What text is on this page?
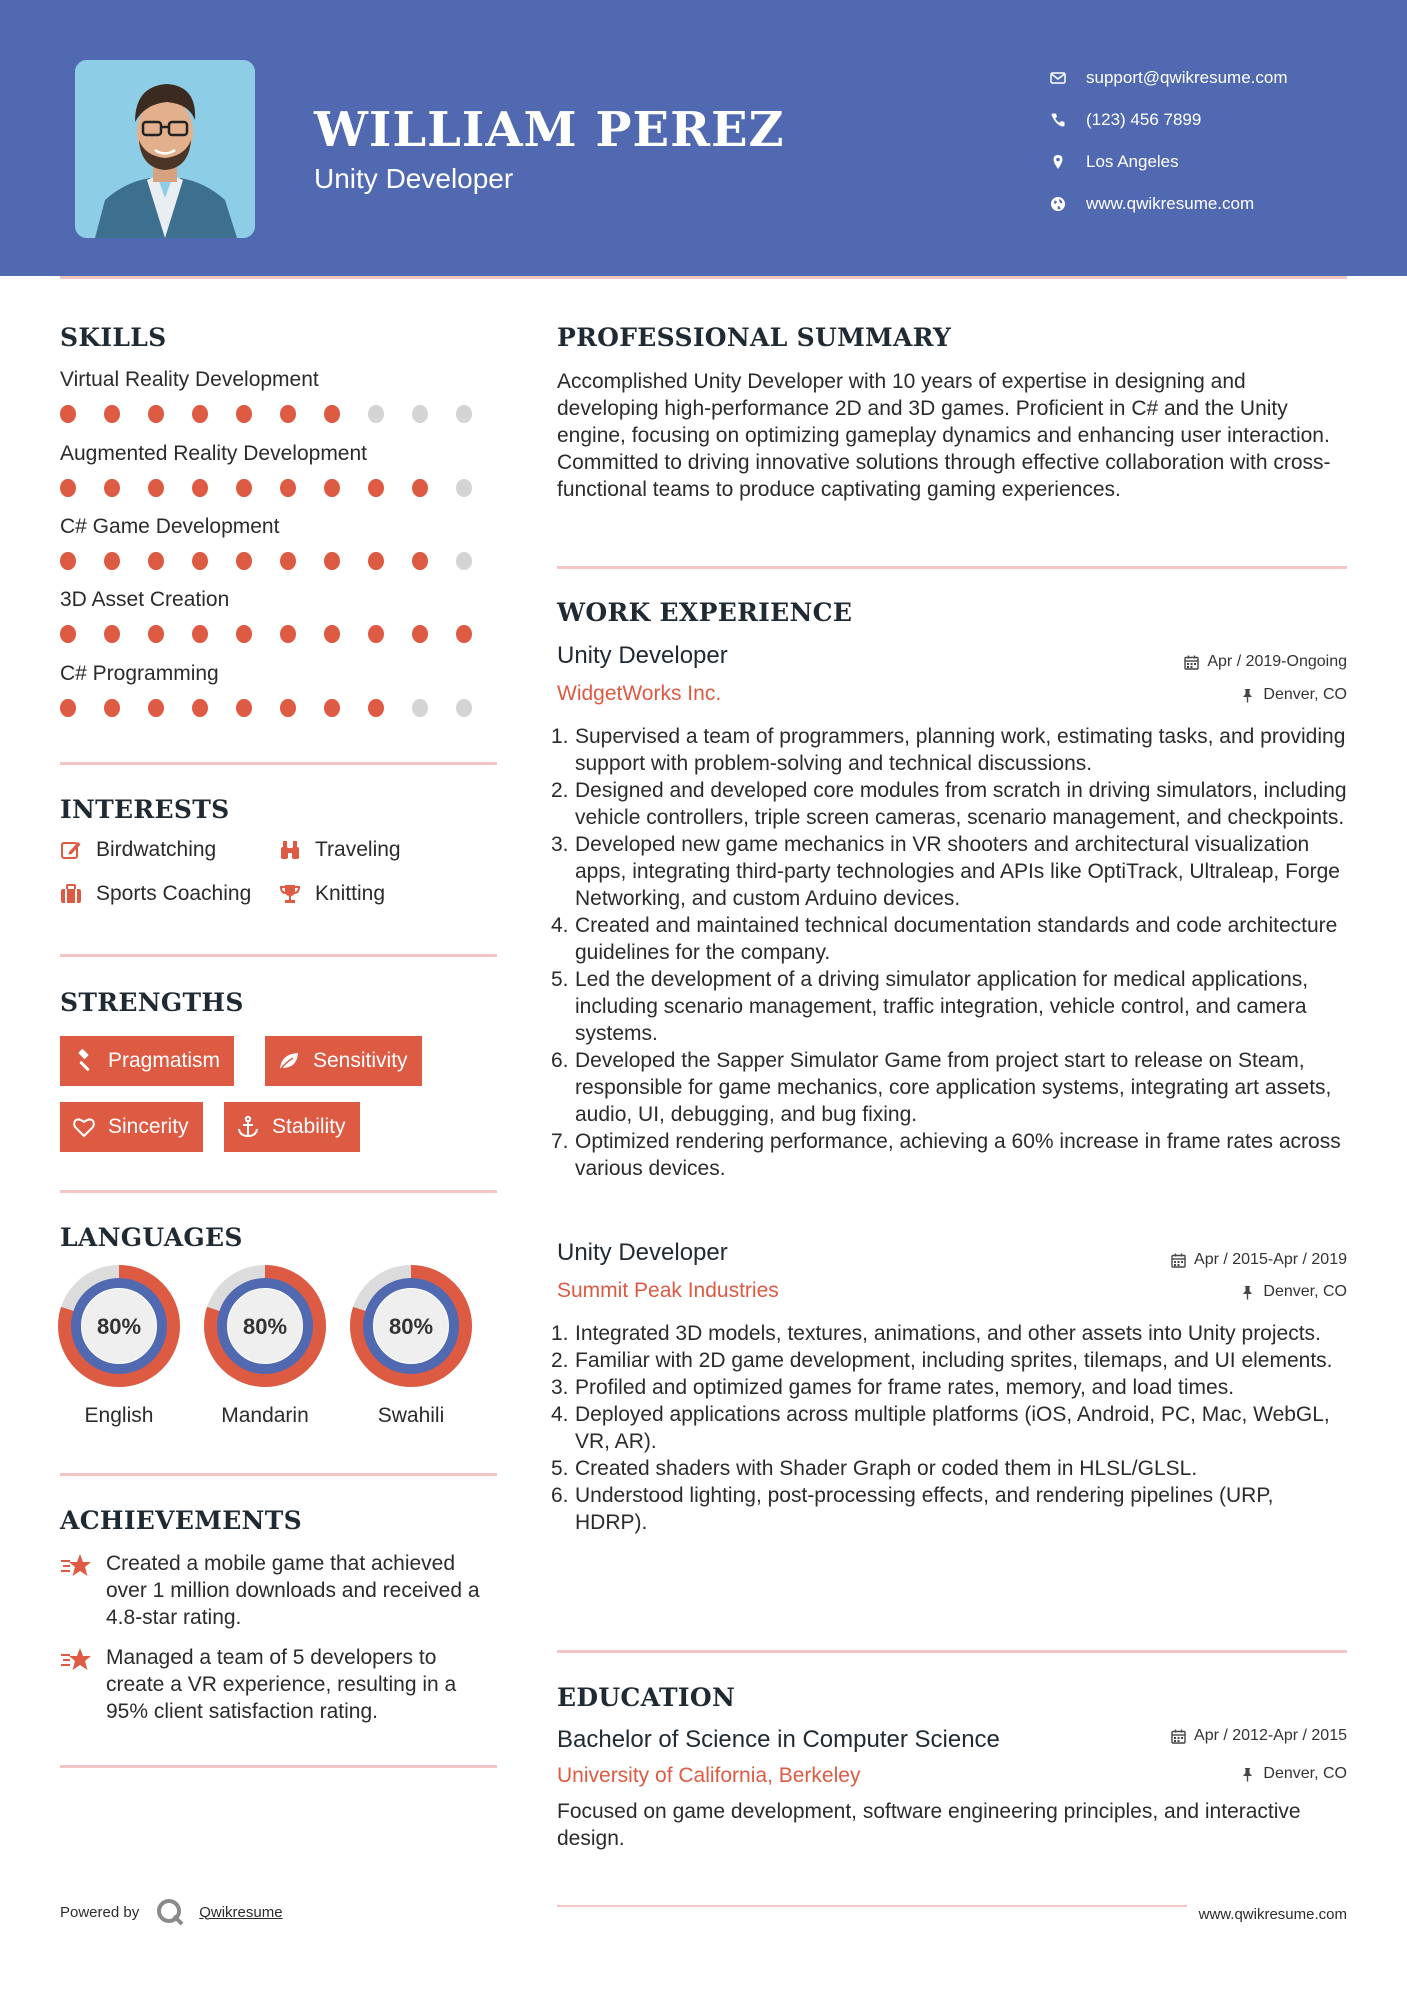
WILLIAM PEREZ
Unity Developer
support@qwikresume.com
(123) 456 7899
Los Angeles
www.qwikresume.com
SKILLS
Virtual Reality Development
Augmented Reality Development
C# Game Development
3D Asset Creation
C# Programming
INTERESTS
Birdwatching	Traveling
Sports Coaching	Knitting
STRENGTHS
Pragmatism	Sensitivity
Sincerity	Stability
LANGUAGES
80%
English
80%
Mandarin
80%
Swahili
ACHIEVEMENTS
Created a mobile game that achieved over 1 million downloads and received a 4.8-star rating.
Managed a team of 5 developers to create a VR experience, resulting in a 95% client satisfaction rating.
PROFESSIONAL SUMMARY
Accomplished Unity Developer with 10 years of expertise in designing and developing high-performance 2D and 3D games. Proficient in C# and the Unity engine, focusing on optimizing gameplay dynamics and enhancing user interaction. Committed to driving innovative solutions through effective collaboration with cross-functional teams to produce captivating gaming experiences.
WORK EXPERIENCE
Unity Developer	Apr / 2019-Ongoing
WidgetWorks Inc.	Denver, CO
1. Supervised a team of programmers, planning work, estimating tasks, and providing support with problem-solving and technical discussions.
2. Designed and developed core modules from scratch in driving simulators, including vehicle controllers, triple screen cameras, scenario management, and checkpoints.
3. Developed new game mechanics in VR shooters and architectural visualization apps, integrating third-party technologies and APIs like OptiTrack, Ultraleap, Forge Networking, and custom Arduino devices.
4. Created and maintained technical documentation standards and code architecture guidelines for the company.
5. Led the development of a driving simulator application for medical applications, including scenario management, traffic integration, vehicle control, and camera systems.
6. Developed the Sapper Simulator Game from project start to release on Steam, responsible for game mechanics, core application systems, integrating art assets, audio, UI, debugging, and bug fixing.
7. Optimized rendering performance, achieving a 60% increase in frame rates across various devices.
Unity Developer	Apr / 2015-Apr / 2019
Summit Peak Industries	Denver, CO
1. Integrated 3D models, textures, animations, and other assets into Unity projects.
2. Familiar with 2D game development, including sprites, tilemaps, and UI elements.
3. Profiled and optimized games for frame rates, memory, and load times.
4. Deployed applications across multiple platforms (iOS, Android, PC, Mac, WebGL, VR, AR).
5. Created shaders with Shader Graph or coded them in HLSL/GLSL.
6. Understood lighting, post-processing effects, and rendering pipelines (URP, HDRP).
EDUCATION
Bachelor of Science in Computer Science	Apr / 2012-Apr / 2015
University of California, Berkeley	Denver, CO
Focused on game development, software engineering principles, and interactive design.
Powered by	Qwikresume	www.qwikresume.com
